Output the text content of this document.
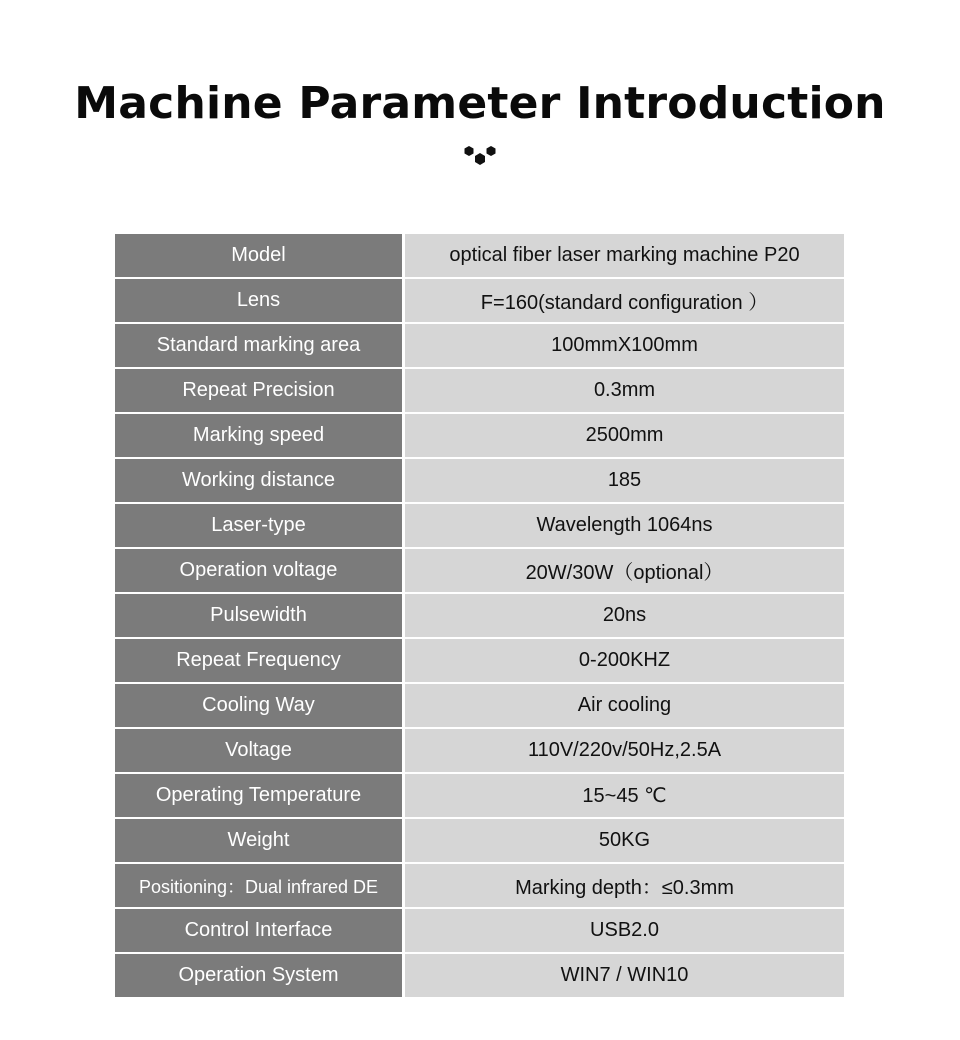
Machine Parameter Introduction
Model	optical fiber laser marking machine P20
Lens	F=160(standard configuration ）
Standard marking area	100mmX100mm
Repeat Precision	0.3mm
Marking speed	2500mm
Working distance	185
Laser-type	Wavelength 1064ns
Operation voltage	20W/30W（optional）
Pulsewidth	20ns
Repeat Frequency	0-200KHZ
Cooling Way	Air cooling
Voltage	110V/220v/50Hz,2.5A
Operating Temperature	15~45 ℃
Weight	50KG
Positioning：Dual infrared DE	Marking depth：≤0.3mm
Control Interface	USB2.0
Operation System	WIN7 / WIN10
